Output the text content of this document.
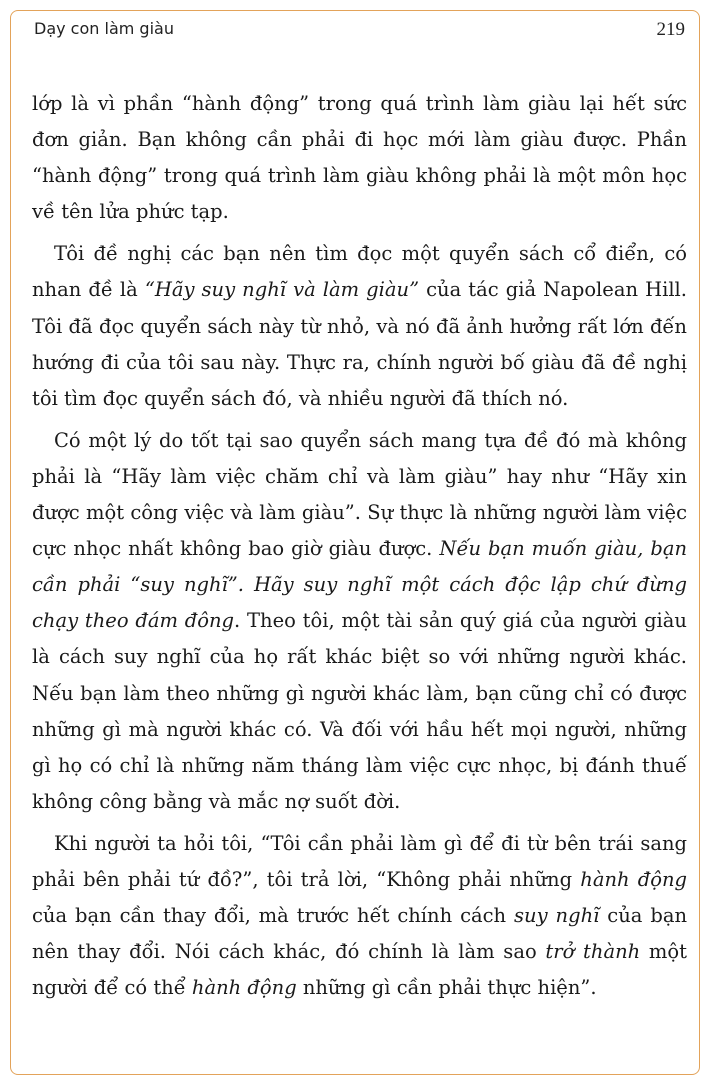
Dạy con làm giàu	219

lớp là vì phần “hành động” trong quá trình làm giàu lại hết sức đơn giản. Bạn không cần phải đi học mới làm giàu được. Phần “hành động” trong quá trình làm giàu không phải là một môn học về tên lửa phức tạp.

Tôi đề nghị các bạn nên tìm đọc một quyển sách cổ điển, có nhan đề là “Hãy suy nghĩ và làm giàu” của tác giả Napolean Hill. Tôi đã đọc quyển sách này từ nhỏ, và nó đã ảnh hưởng rất lớn đến hướng đi của tôi sau này. Thực ra, chính người bố giàu đã đề nghị tôi tìm đọc quyển sách đó, và nhiều người đã thích nó.

Có một lý do tốt tại sao quyển sách mang tựa đề đó mà không phải là “Hãy làm việc chăm chỉ và làm giàu” hay như “Hãy xin được một công việc và làm giàu”. Sự thực là những người làm việc cực nhọc nhất không bao giờ giàu được. Nếu bạn muốn giàu, bạn cần phải “suy nghĩ”. Hãy suy nghĩ một cách độc lập chứ đừng chạy theo đám đông. Theo tôi, một tài sản quý giá của người giàu là cách suy nghĩ của họ rất khác biệt so với những người khác. Nếu bạn làm theo những gì người khác làm, bạn cũng chỉ có được những gì mà người khác có. Và đối với hầu hết mọi người, những gì họ có chỉ là những năm tháng làm việc cực nhọc, bị đánh thuế không công bằng và mắc nợ suốt đời.

Khi người ta hỏi tôi, “Tôi cần phải làm gì để đi từ bên trái sang phải bên phải tứ đồ?”, tôi trả lời, “Không phải những hành động của bạn cần thay đổi, mà trước hết chính cách suy nghĩ của bạn nên thay đổi. Nói cách khác, đó chính là làm sao trở thành một người để có thể hành động những gì cần phải thực hiện”.
